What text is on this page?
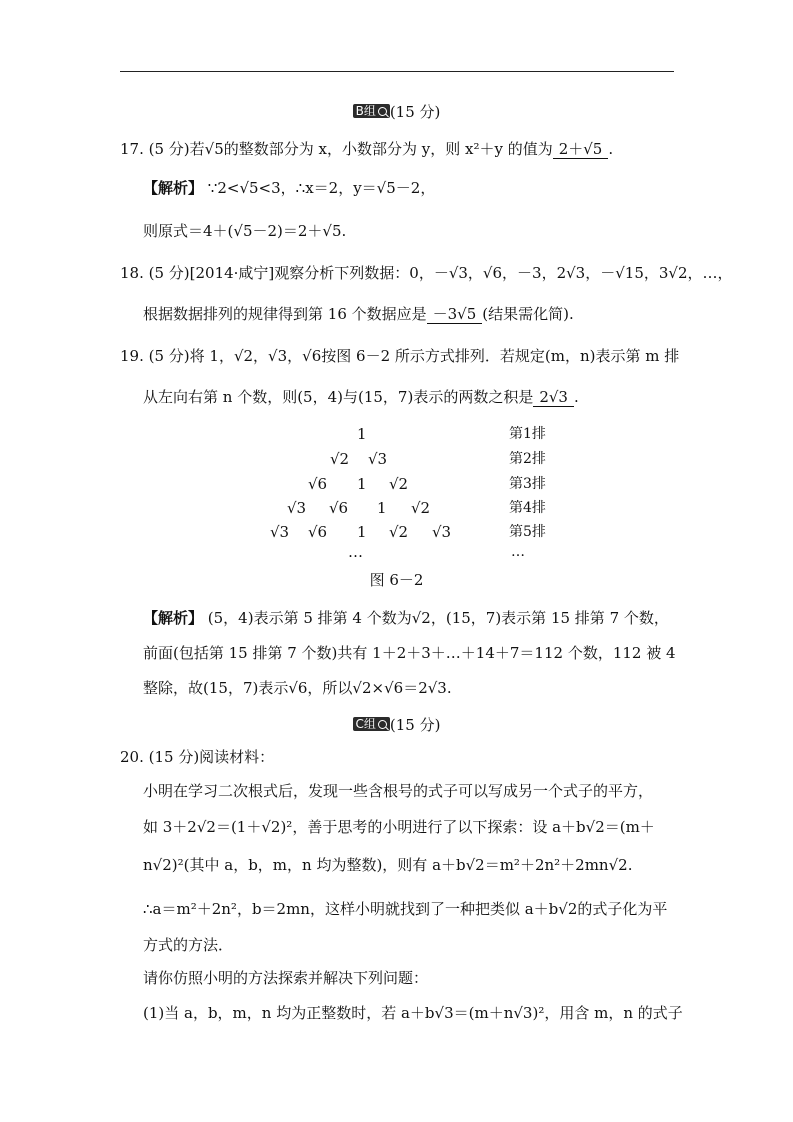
B组 (15 分)
17. (5 分)若√5的整数部分为 x，小数部分为 y，则 x²＋y 的值为 2＋√5 .
【解析】 ∵2<√5<3，∴x＝2，y＝√5－2，
则原式＝4＋(√5－2)＝2＋√5.
18. (5 分)[2014·咸宁]观察分析下列数据：0，－√3，√6，－3，2√3，－√15，3√2，…，
根据数据排列的规律得到第 16 个数据应是 －3√5 (结果需化简).
19. (5 分)将 1，√2，√3，√6按图 6－2 所示方式排列．若规定(m，n)表示第 m 排
从左向右第 n 个数，则(5，4)与(15，7)表示的两数之积是 2√3 .
1
√2 √3
√6 1 √2
√3 √6 1 √2
√3 √6 1 √2 √3
…
第1排
第2排
第3排
第4排
第5排
…
图 6－2
【解析】 (5，4)表示第 5 排第 4 个数为√2，(15，7)表示第 15 排第 7 个数，
前面(包括第 15 排第 7 个数)共有 1＋2＋3＋…＋14＋7＝112 个数，112 被 4
整除，故(15，7)表示√6，所以√2×√6＝2√3.
C组 (15 分)
20. (15 分)阅读材料：
小明在学习二次根式后，发现一些含根号的式子可以写成另一个式子的平方，
如 3＋2√2＝(1＋√2)²，善于思考的小明进行了以下探索：设 a＋b√2＝(m＋
n√2)²(其中 a，b，m，n 均为整数)，则有 a＋b√2＝m²＋2n²＋2mn√2.
∴a＝m²＋2n²，b＝2mn，这样小明就找到了一种把类似 a＋b√2的式子化为平
方式的方法．
请你仿照小明的方法探索并解决下列问题：
(1)当 a，b，m，n 均为正整数时，若 a＋b√3＝(m＋n√3)²，用含 m，n 的式子
